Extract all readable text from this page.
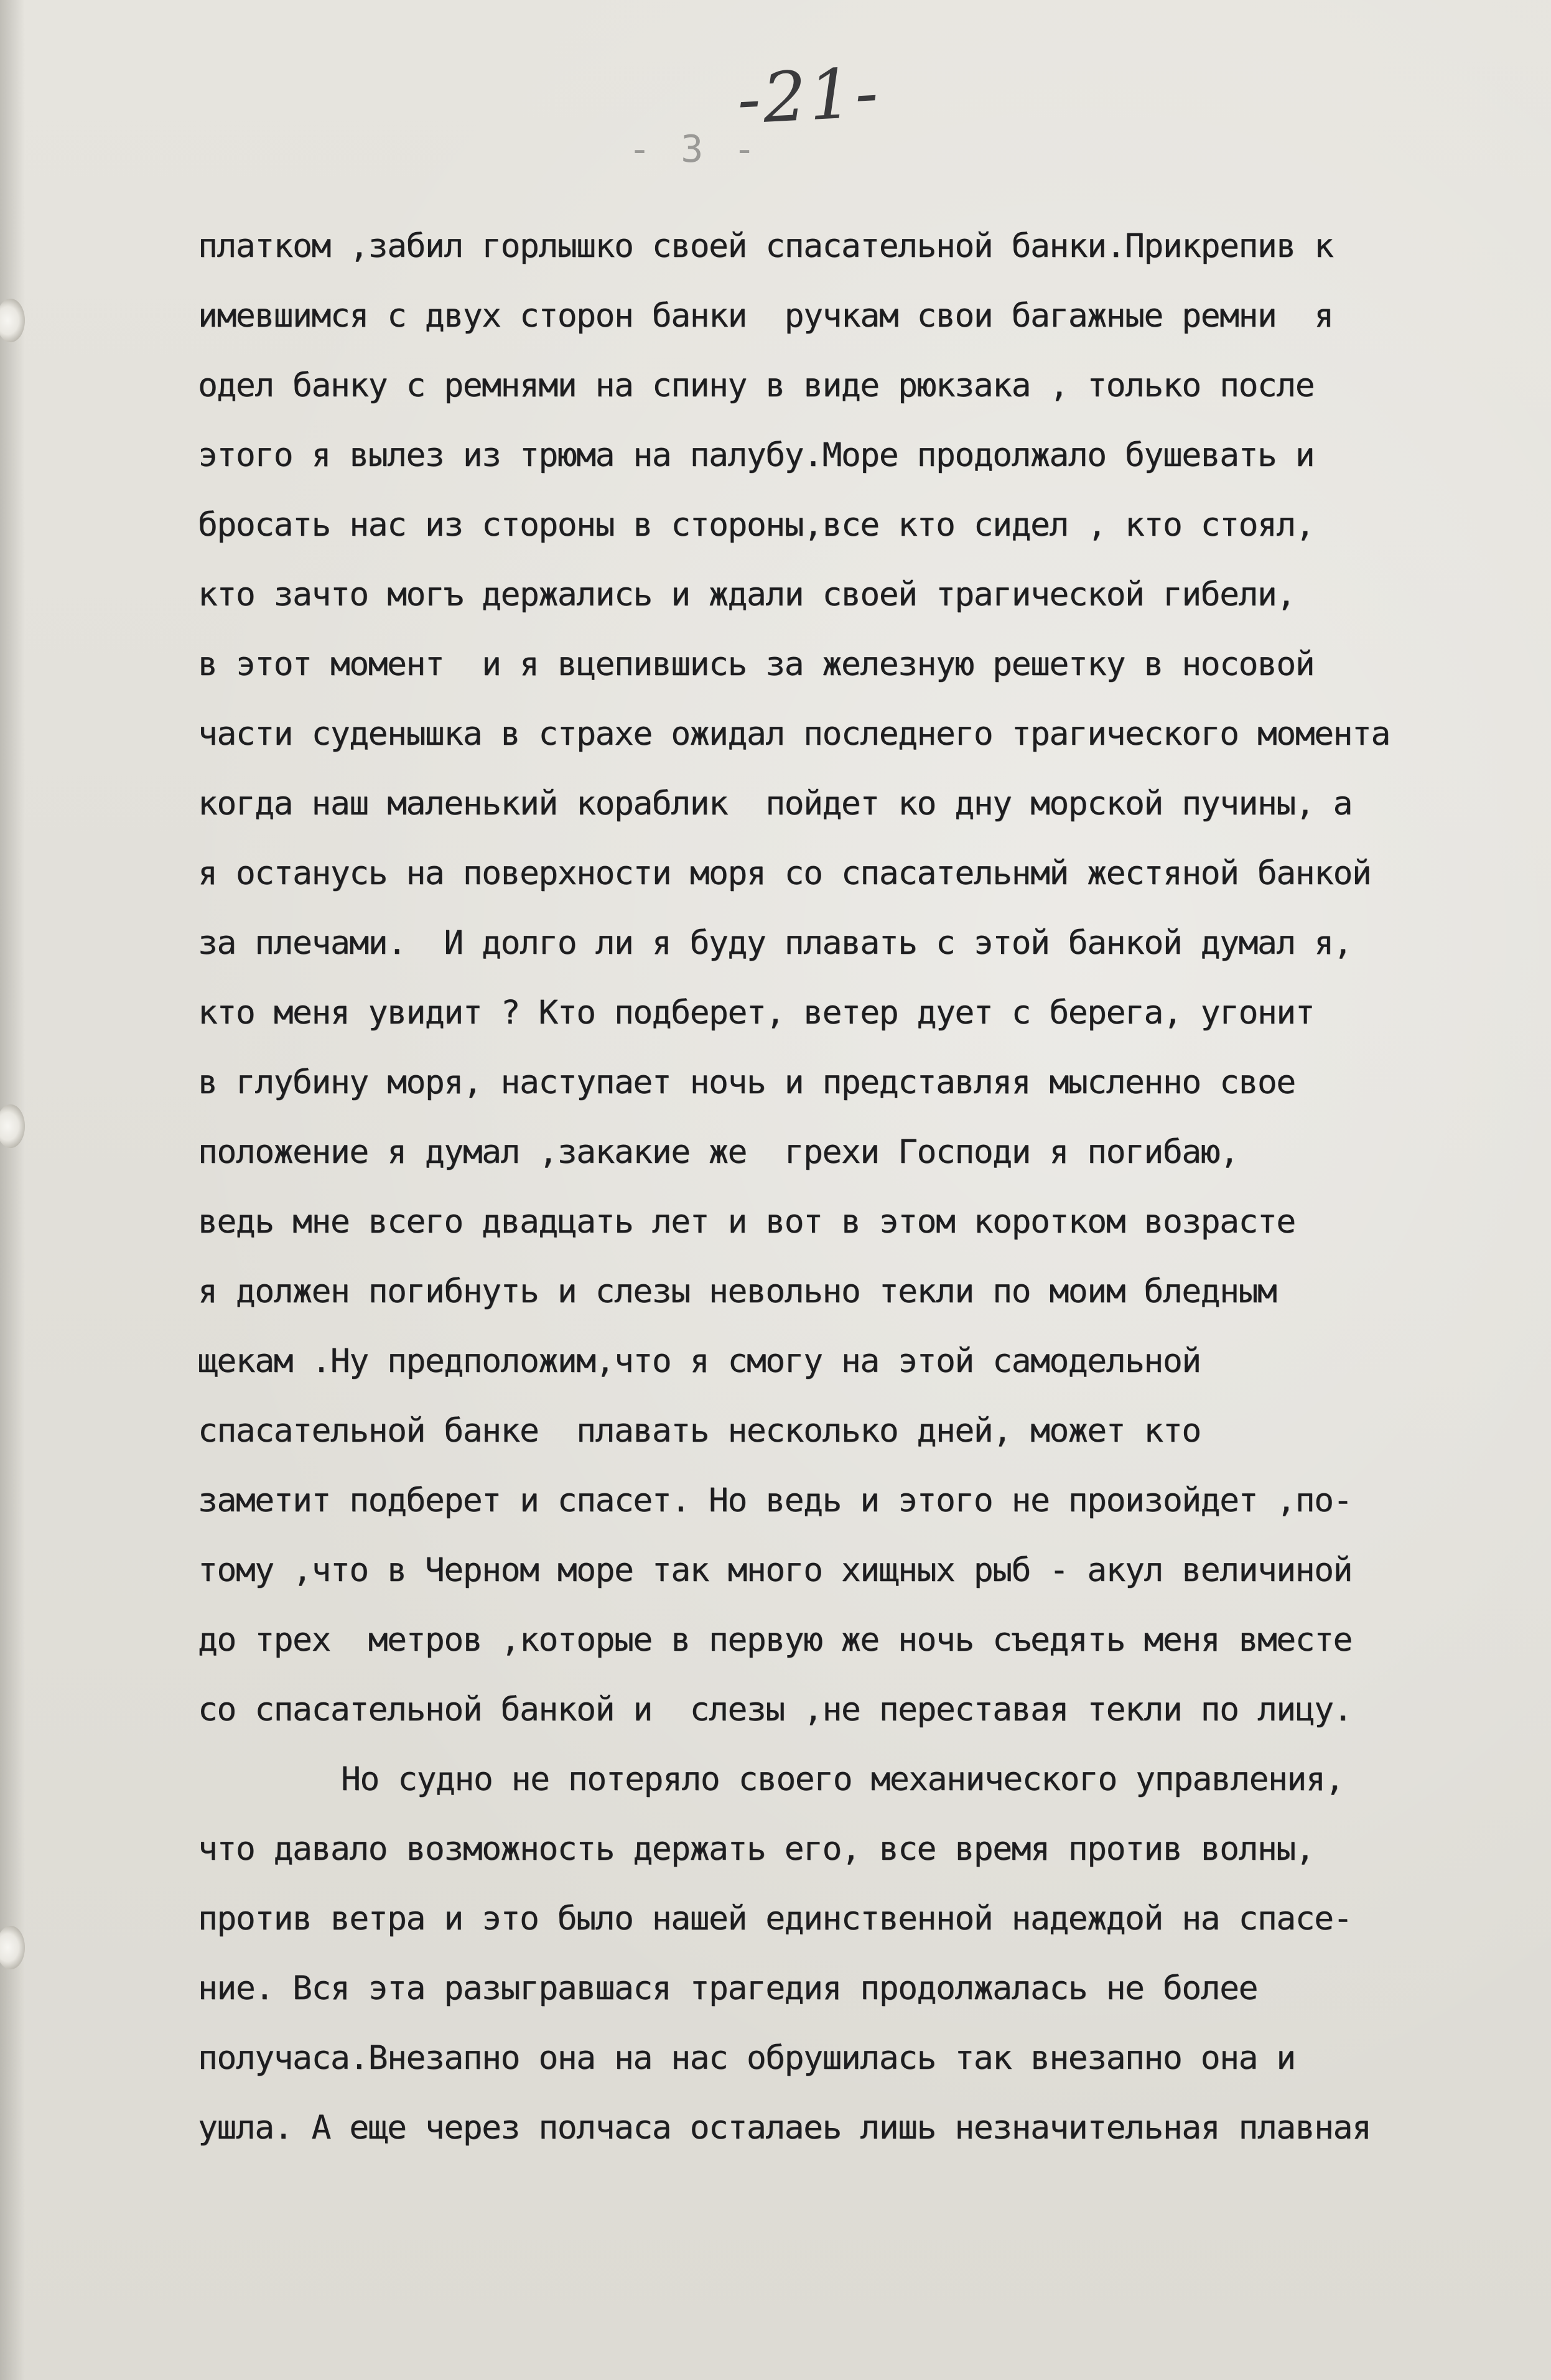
-21-
- 3 -
платком ,забил горлышко своей спасательной банки.Прикрепив к
имевшимся с двух сторон банки  ручкам свои багажные ремни  я
одел банку с ремнями на спину в виде рюкзака , только после
этого я вылез из трюма на палубу.Море продолжало бушевать и
бросать нас из стороны в стороны,все кто сидел , кто стоял,
кто зачто могъ держались и ждали своей трагической гибели,
в этот момент  и я вцепившись за железную решетку в носовой
части суденышка в страхе ожидал последнего трагического момента
когда наш маленький кораблик  пойдет ко дну морской пучины, а
я останусь на поверхности моря со спасательнмй жестяной банкой
за плечами.  И долго ли я буду плавать с этой банкой думал я,
кто меня увидит ? Кто подберет, ветер дует с берега, угонит
в глубину моря, наступает ночь и представляя мысленно свое
положение я думал ,закакие же  грехи Господи я погибаю,
ведь мне всего двадцать лет и вот в этом коротком возрасте
я должен погибнуть и слезы невольно текли по моим бледным
щекам .Ну предположим,что я смогу на этой самодельной
спасательной банке  плавать несколько дней, может кто
заметит подберет и спасет. Но ведь и этого не произойдет ,по-
тому ,что в Черном море так много хищных рыб - акул величиной
до трех  метров ,которые в первую же ночь съедять меня вместе
со спасательной банкой и  слезы ,не переставая текли по лицу.
Но судно не потеряло своего механического управления,
что давало возможность держать его, все время против волны,
против ветра и это было нашей единственной надеждой на спасе-
ние. Вся эта разыгравшася трагедия продолжалась не более
получаса.Внезапно она на нас обрушилась так внезапно она и
ушла. А еще через полчаса осталаеь лишь незначительная плавная
